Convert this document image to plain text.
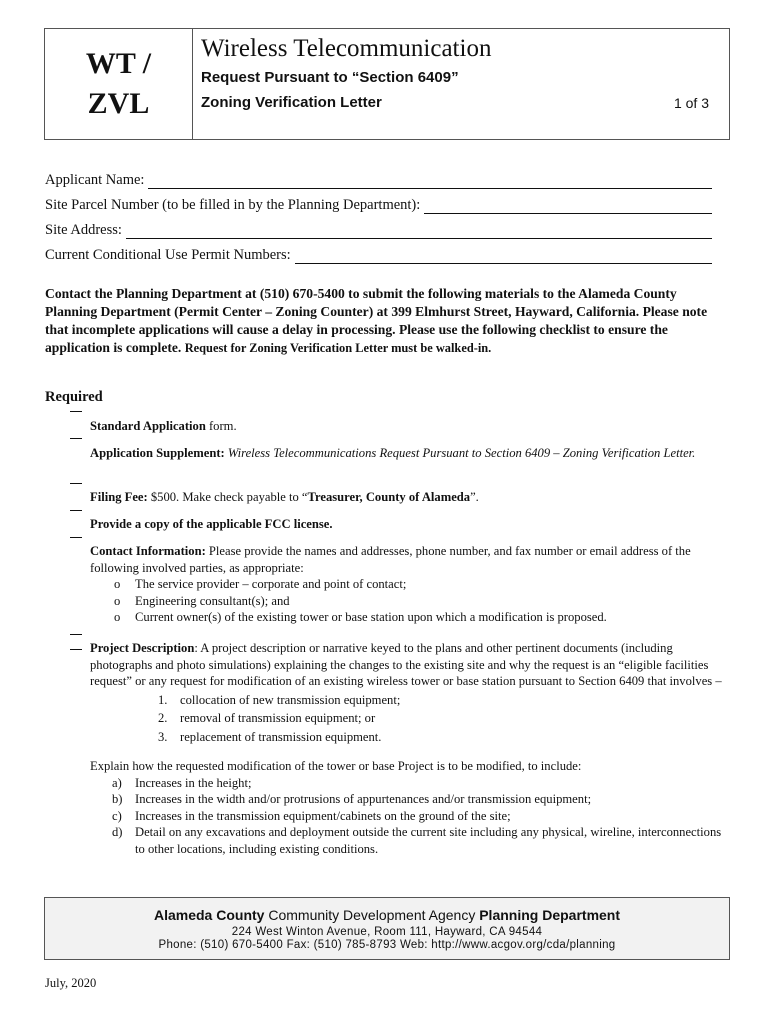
WT /
ZVL
Wireless Telecommunication
Request Pursuant to “Section 6409”
Zoning Verification Letter	1 of 3
Applicant Name:
Site Parcel Number (to be filled in by the Planning Department):
Site Address:
Current Conditional Use Permit Numbers:
Contact the Planning Department at (510) 670-5400 to submit the following materials to the Alameda County Planning Department (Permit Center – Zoning Counter) at 399 Elmhurst Street, Hayward, California. Please note that incomplete applications will cause a delay in processing. Please use the following checklist to ensure the application is complete. Request for Zoning Verification Letter must be walked-in.
Required
Standard Application form.
Application Supplement: Wireless Telecommunications Request Pursuant to Section 6409 – Zoning Verification Letter.
Filing Fee: $500. Make check payable to “Treasurer, County of Alameda”.
Provide a copy of the applicable FCC license.
Contact Information: Please provide the names and addresses, phone number, and fax number or email address of the following involved parties, as appropriate:
o The service provider – corporate and point of contact;
o Engineering consultant(s); and
o Current owner(s) of the existing tower or base station upon which a modification is proposed.
Project Description: A project description or narrative keyed to the plans and other pertinent documents (including photographs and photo simulations) explaining the changes to the existing site and why the request is an “eligible facilities request” or any request for modification of an existing wireless tower or base station pursuant to Section 6409 that involves –
1. collocation of new transmission equipment;
2. removal of transmission equipment; or
3. replacement of transmission equipment.
Explain how the requested modification of the tower or base Project is to be modified, to include:
a) Increases in the height;
b) Increases in the width and/or protrusions of appurtenances and/or transmission equipment;
c) Increases in the transmission equipment/cabinets on the ground of the site;
d) Detail on any excavations and deployment outside the current site including any physical, wireline, interconnections to other locations, including existing conditions.
Alameda County Community Development Agency Planning Department
224 West Winton Avenue, Room 111, Hayward, CA 94544
Phone: (510) 670-5400 Fax: (510) 785-8793 Web: http://www.acgov.org/cda/planning
July, 2020
